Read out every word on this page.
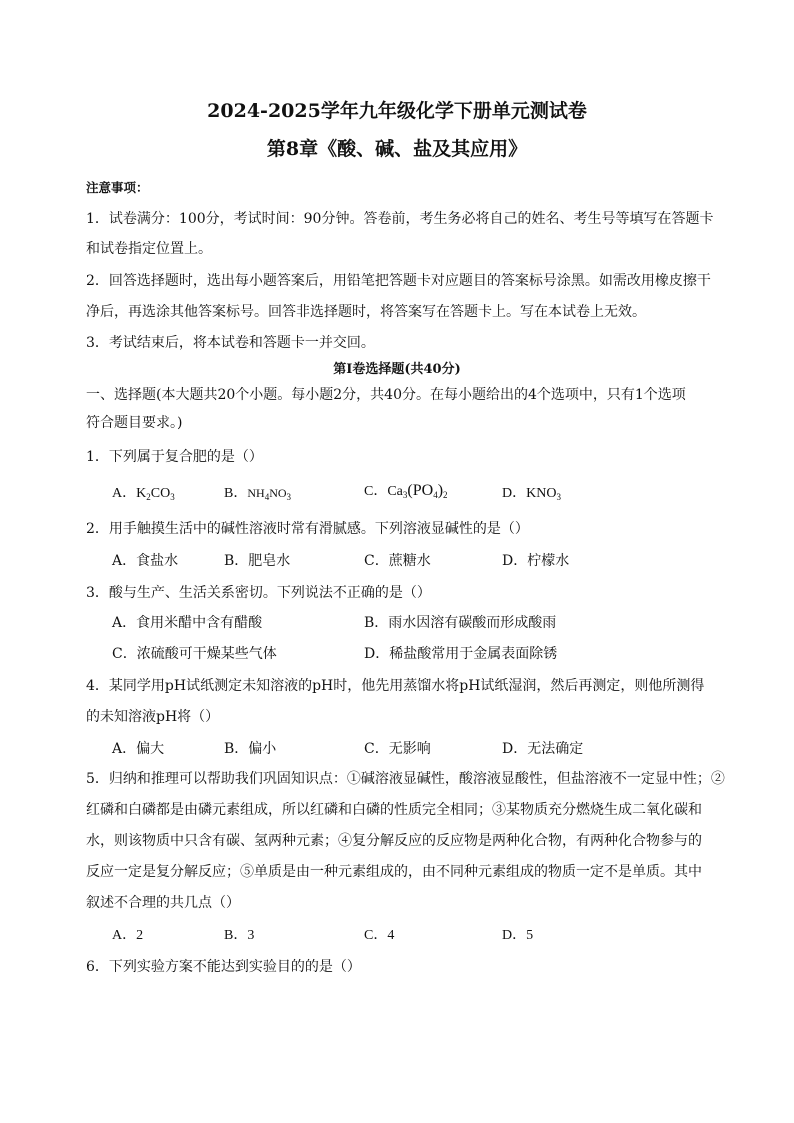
2024-2025学年九年级化学下册单元测试卷
第8章《酸、碱、盐及其应用》
注意事项：
1．试卷满分：100分，考试时间：90分钟。答卷前，考生务必将自己的姓名、考生号等填写在答题卡
和试卷指定位置上。
2．回答选择题时，选出每小题答案后，用铅笔把答题卡对应题目的答案标号涂黑。如需改用橡皮擦干
净后，再选涂其他答案标号。回答非选择题时，将答案写在答题卡上。写在本试卷上无效。
3．考试结束后，将本试卷和答题卡一并交回。
第I卷选择题(共40分)
一、选择题(本大题共20个小题。每小题2分，共40分。在每小题给出的4个选项中，只有1个选项
符合题目要求。)
1．下列属于复合肥的是（）
A．$K_2CO_3$	B．$NH_4NO_3$	C．$Ca_3(PO_4)_2$	D．$KNO_3$
2．用手触摸生活中的碱性溶液时常有滑腻感。下列溶液显碱性的是（）
A．食盐水	B．肥皂水	C．蔗糖水	D．柠檬水
3．酸与生产、生活关系密切。下列说法不正确的是（）
A．食用米醋中含有醋酸	B．雨水因溶有碳酸而形成酸雨
C．浓硫酸可干燥某些气体	D．稀盐酸常用于金属表面除锈
4．某同学用pH试纸测定未知溶液的pH时，他先用蒸馏水将pH试纸湿润，然后再测定，则他所测得
的未知溶液pH将（）
A．偏大	B．偏小	C．无影响	D．无法确定
5．归纳和推理可以帮助我们巩固知识点：①碱溶液显碱性，酸溶液显酸性，但盐溶液不一定显中性；②
红磷和白磷都是由磷元素组成，所以红磷和白磷的性质完全相同；③某物质充分燃烧生成二氧化碳和
水，则该物质中只含有碳、氢两种元素；④复分解反应的反应物是两种化合物，有两种化合物参与的
反应一定是复分解反应；⑤单质是由一种元素组成的，由不同种元素组成的物质一定不是单质。其中
叙述不合理的共几点（）
A．2	B．3	C．4	D．5
6．下列实验方案不能达到实验目的的是（）
